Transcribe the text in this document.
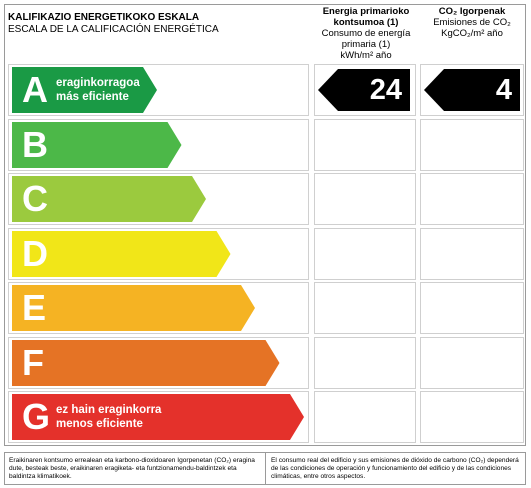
KALIFIKAZIO ENERGETIKOKO ESKALA
ESCALA DE LA CALIFICACIÓN ENERGÉTICA
Energia primarioko kontsumoa (1)
Consumo de energía primaria (1)
kWh/m² año
CO₂ Igorpenak
Emisiones de CO₂
KgCO₂/m² año
A eraginkorragoa
más eficiente	24	4
B
C
D
E
F
G ez hain eraginkorra
menos eficiente
Eraikinaren kontsumo errealean eta karbono-dioxidoaren Igorpenetan (CO₂) eragina dute, besteak beste, eraikinaren eragiketa- eta funtzionamendu-baldintzek eta baldintza klimatikoek.
El consumo real del edificio y sus emisiones de dióxido de carbono (CO₂) dependerá de las condiciones de operación y funcionamiento del edificio y de las condiciones climáticas, entre otros aspectos.
